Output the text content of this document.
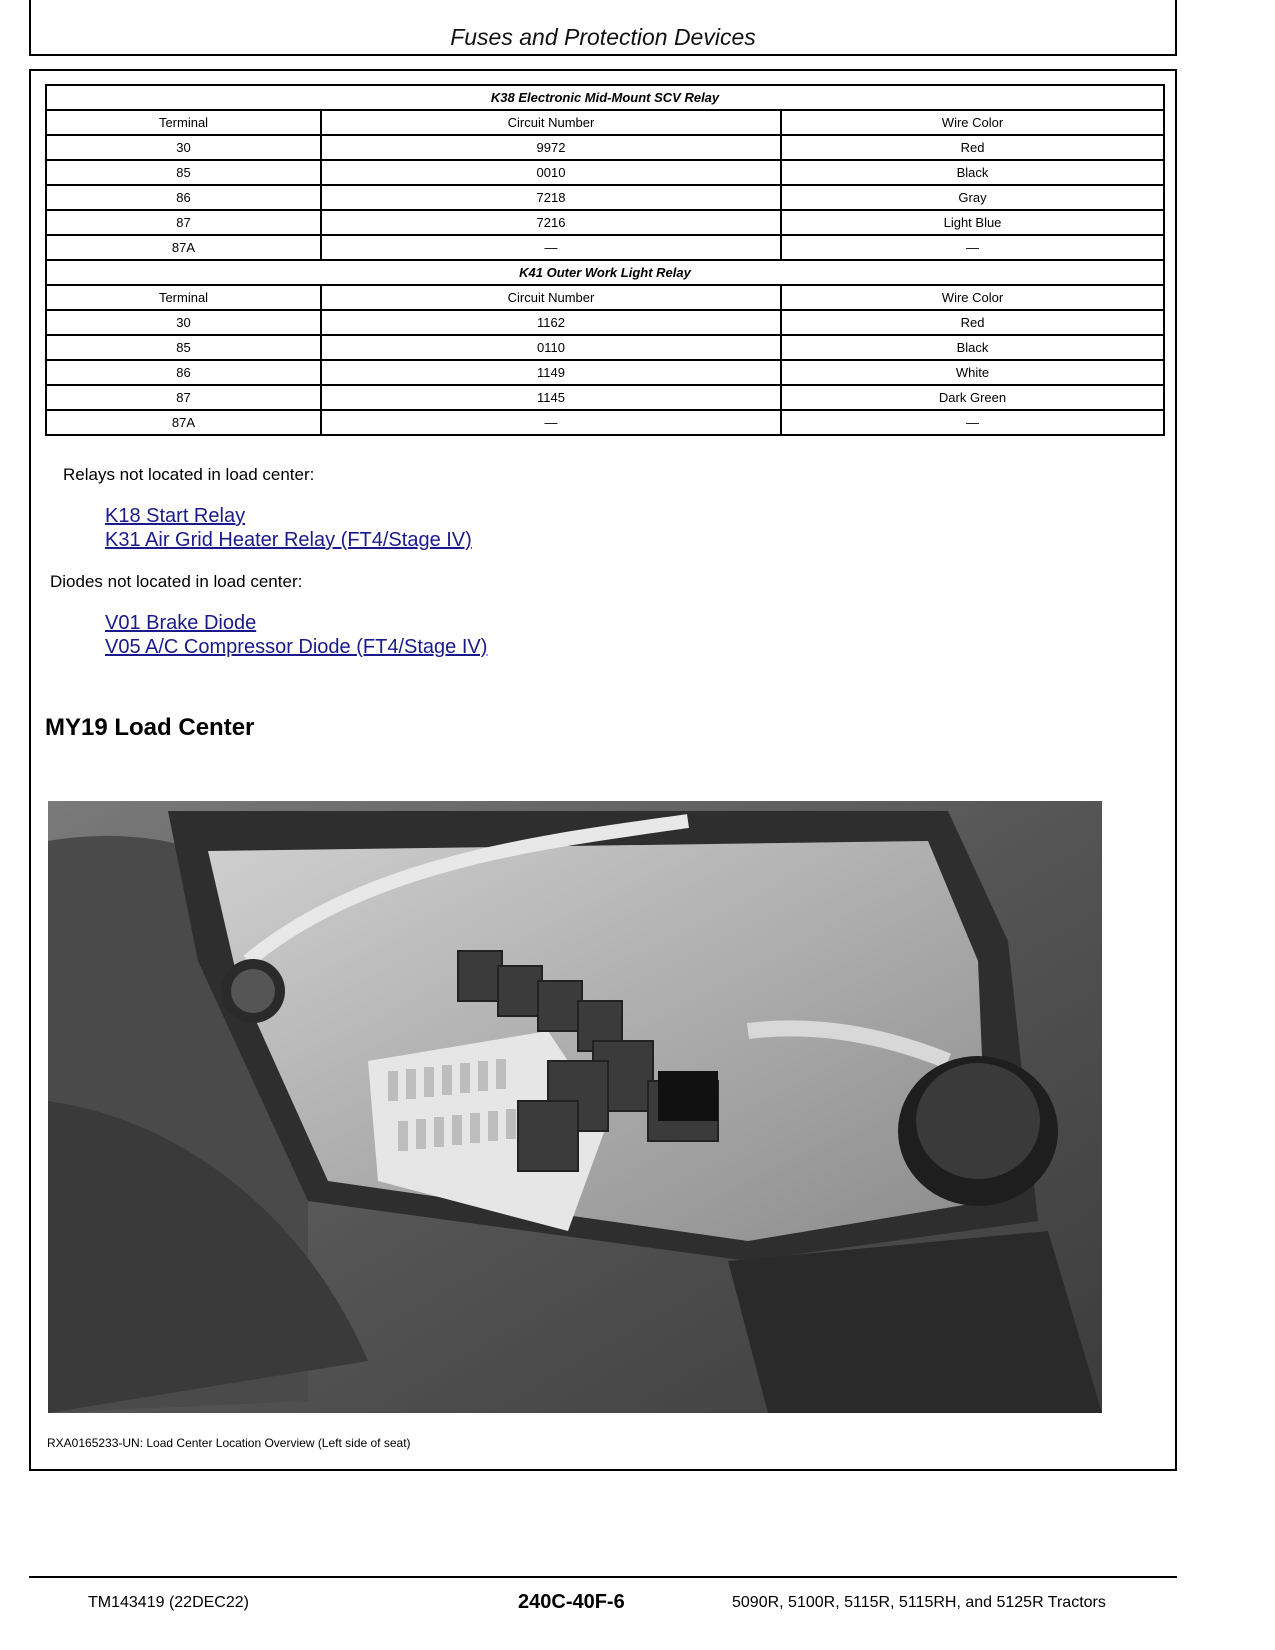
Fuses and Protection Devices
K38 Electronic Mid-Mount SCV Relay		
Terminal	Circuit Number	Wire Color
30	9972	Red
85	0010	Black
86	7218	Gray
87	7216	Light Blue
87A	—	—
K41 Outer Work Light Relay		
Terminal	Circuit Number	Wire Color
30	1162	Red
85	0110	Black
86	1149	White
87	1145	Dark Green
87A	—	—
Relays not located in load center:
K18 Start Relay
K31 Air Grid Heater Relay (FT4/Stage IV)
Diodes not located in load center:
V01 Brake Diode
V05 A/C Compressor Diode (FT4/Stage IV)
MY19 Load Center
RXA0165233-UN: Load Center Location Overview (Left side of seat)
TM143419 (22DEC22)	240C-40F-6	5090R, 5100R, 5115R, 5115RH, and 5125R Tractors
